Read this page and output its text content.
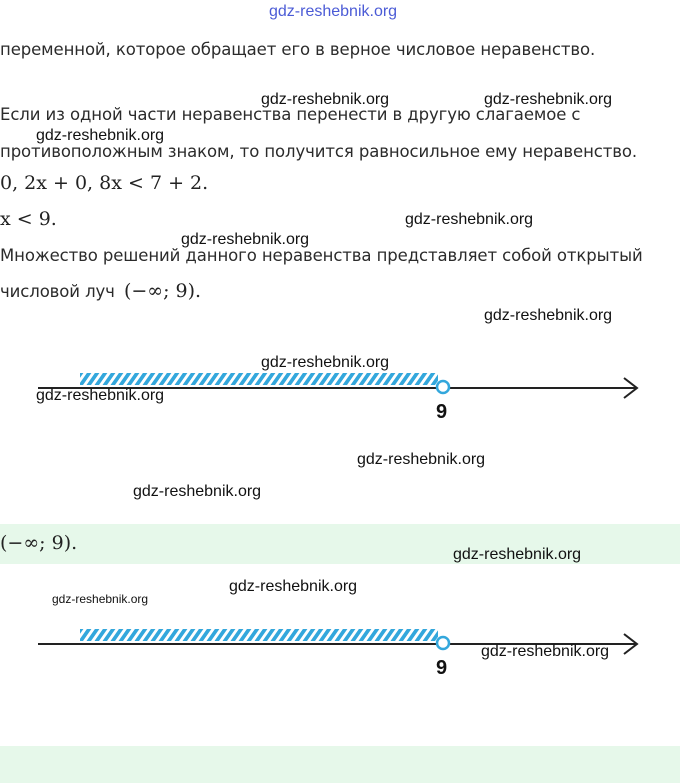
gdz-reshebnik.org
переменной, которое обращает его в верное числовое неравенство.
Если из одной части неравенства перенести в другую слагаемое с
противоположным знаком, то получится равносильное ему неравенство.
0, 2x + 0, 8x < 7 + 2.
x < 9.
Множество решений данного неравенства представляет собой открытый
числовой луч (−∞; 9).
9
(−∞; 9).
9
gdz-reshebnik.org	gdz-reshebnik.org
gdz-reshebnik.org
gdz-reshebnik.org
gdz-reshebnik.org
gdz-reshebnik.org
gdz-reshebnik.org
gdz-reshebnik.org
gdz-reshebnik.org
gdz-reshebnik.org
gdz-reshebnik.org
gdz-reshebnik.org
gdz-reshebnik.org
gdz-reshebnik.org
